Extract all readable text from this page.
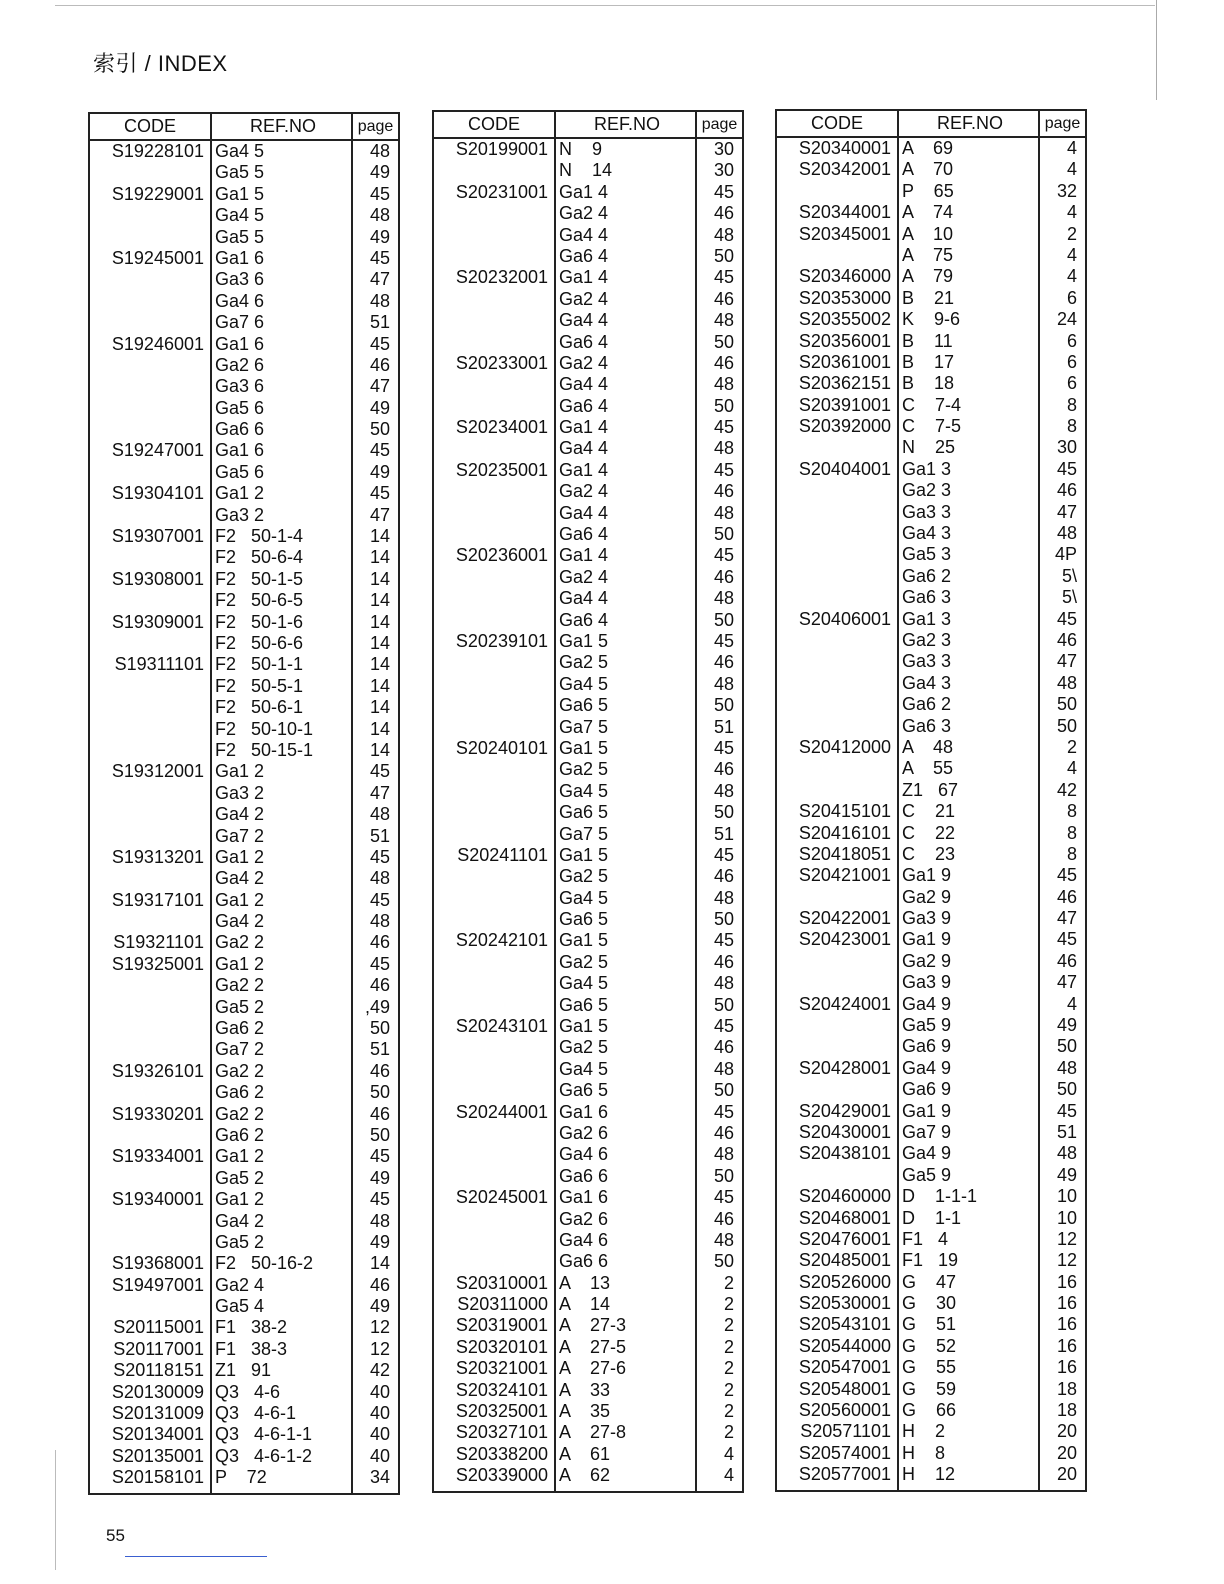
索引 / INDEX
CODE	REF.NO	page
S19228101 Ga4 5	48
Ga5 5	49
S19229001 Ga1 5	45
Ga4 5	48
Ga5 5	49
S19245001 Ga1 6	45
Ga3 6	47
Ga4 6	48
Ga7 6	51
S19246001 Ga1 6	45
Ga2 6	46
Ga3 6	47
Ga5 6	49
Ga6 6	50
S19247001 Ga1 6	45
Ga5 6	49
S19304101 Ga1 2	45
Ga3 2	47
S19307001 F2   50-1-4	14
F2   50-6-4	14
S19308001 F2   50-1-5	14
F2   50-6-5	14
S19309001 F2   50-1-6	14
F2   50-6-6	14
S19311101 F2   50-1-1	14
F2   50-5-1	14
F2   50-6-1	14
F2   50-10-1	14
F2   50-15-1	14
S19312001 Ga1 2	45
Ga3 2	47
Ga4 2	48
Ga7 2	51
S19313201 Ga1 2	45
Ga4 2	48
S19317101 Ga1 2	45
Ga4 2	48
S19321101 Ga2 2	46
S19325001 Ga1 2	45
Ga2 2	46
Ga5 2	,49
Ga6 2	50
Ga7 2	51
S19326101 Ga2 2	46
Ga6 2	50
S19330201 Ga2 2	46
Ga6 2	50
S19334001 Ga1 2	45
Ga5 2	49
S19340001 Ga1 2	45
Ga4 2	48
Ga5 2	49
S19368001 F2   50-16-2	14
S19497001 Ga2 4	46
Ga5 4	49
S20115001 F1   38-2	12
S20117001 F1   38-3	12
S20118151 Z1   91	42
S20130009 Q3   4-6	40
S20131009 Q3   4-6-1	40
S20134001 Q3   4-6-1-1	40
S20135001 Q3   4-6-1-2	40
S20158101 P    72	34
CODE	REF.NO	page
S20199001 N    9	30
N    14	30
S20231001 Ga1 4	45
Ga2 4	46
Ga4 4	48
Ga6 4	50
S20232001 Ga1 4	45
Ga2 4	46
Ga4 4	48
Ga6 4	50
S20233001 Ga2 4	46
Ga4 4	48
Ga6 4	50
S20234001 Ga1 4	45
Ga4 4	48
S20235001 Ga1 4	45
Ga2 4	46
Ga4 4	48
Ga6 4	50
S20236001 Ga1 4	45
Ga2 4	46
Ga4 4	48
Ga6 4	50
S20239101 Ga1 5	45
Ga2 5	46
Ga4 5	48
Ga6 5	50
Ga7 5	51
S20240101 Ga1 5	45
Ga2 5	46
Ga4 5	48
Ga6 5	50
Ga7 5	51
S20241101 Ga1 5	45
Ga2 5	46
Ga4 5	48
Ga6 5	50
S20242101 Ga1 5	45
Ga2 5	46
Ga4 5	48
Ga6 5	50
S20243101 Ga1 5	45
Ga2 5	46
Ga4 5	48
Ga6 5	50
S20244001 Ga1 6	45
Ga2 6	46
Ga4 6	48
Ga6 6	50
S20245001 Ga1 6	45
Ga2 6	46
Ga4 6	48
Ga6 6	50
S20310001 A    13	2
S20311000 A    14	2
S20319001 A    27-3	2
S20320101 A    27-5	2
S20321001 A    27-6	2
S20324101 A    33	2
S20325001 A    35	2
S20327101 A    27-8	2
S20338200 A    61	4
S20339000 A    62	4
CODE	REF.NO	page
S20340001 A    69	4
S20342001 A    70	4
P    65	32
S20344001 A    74	4
S20345001 A    10	2
A    75	4
S20346000 A    79	4
S20353000 B    21	6
S20355002 K    9-6	24
S20356001 B    11	6
S20361001 B    17	6
S20362151 B    18	6
S20391001 C    7-4	8
S20392000 C    7-5	8
N    25	30
S20404001 Ga1 3	45
Ga2 3	46
Ga3 3	47
Ga4 3	48
Ga5 3	4P
Ga6 2	5\
Ga6 3	5\
S20406001 Ga1 3	45
Ga2 3	46
Ga3 3	47
Ga4 3	48
Ga6 2	50
Ga6 3	50
S20412000 A    48	2
A    55	4
Z1   67	42
S20415101 C    21	8
S20416101 C    22	8
S20418051 C    23	8
S20421001 Ga1 9	45
Ga2 9	46
S20422001 Ga3 9	47
S20423001 Ga1 9	45
Ga2 9	46
Ga3 9	47
S20424001 Ga4 9	4
Ga5 9	49
Ga6 9	50
S20428001 Ga4 9	48
Ga6 9	50
S20429001 Ga1 9	45
S20430001 Ga7 9	51
S20438101 Ga4 9	48
Ga5 9	49
S20460000 D    1-1-1	10
S20468001 D    1-1	10
S20476001 F1   4	12
S20485001 F1   19	12
S20526000 G    47	16
S20530001 G    30	16
S20543101 G    51	16
S20544000 G    52	16
S20547001 G    55	16
S20548001 G    59	18
S20560001 G    66	18
S20571101 H    2	20
S20574001 H    8	20
S20577001 H    12	20
55
